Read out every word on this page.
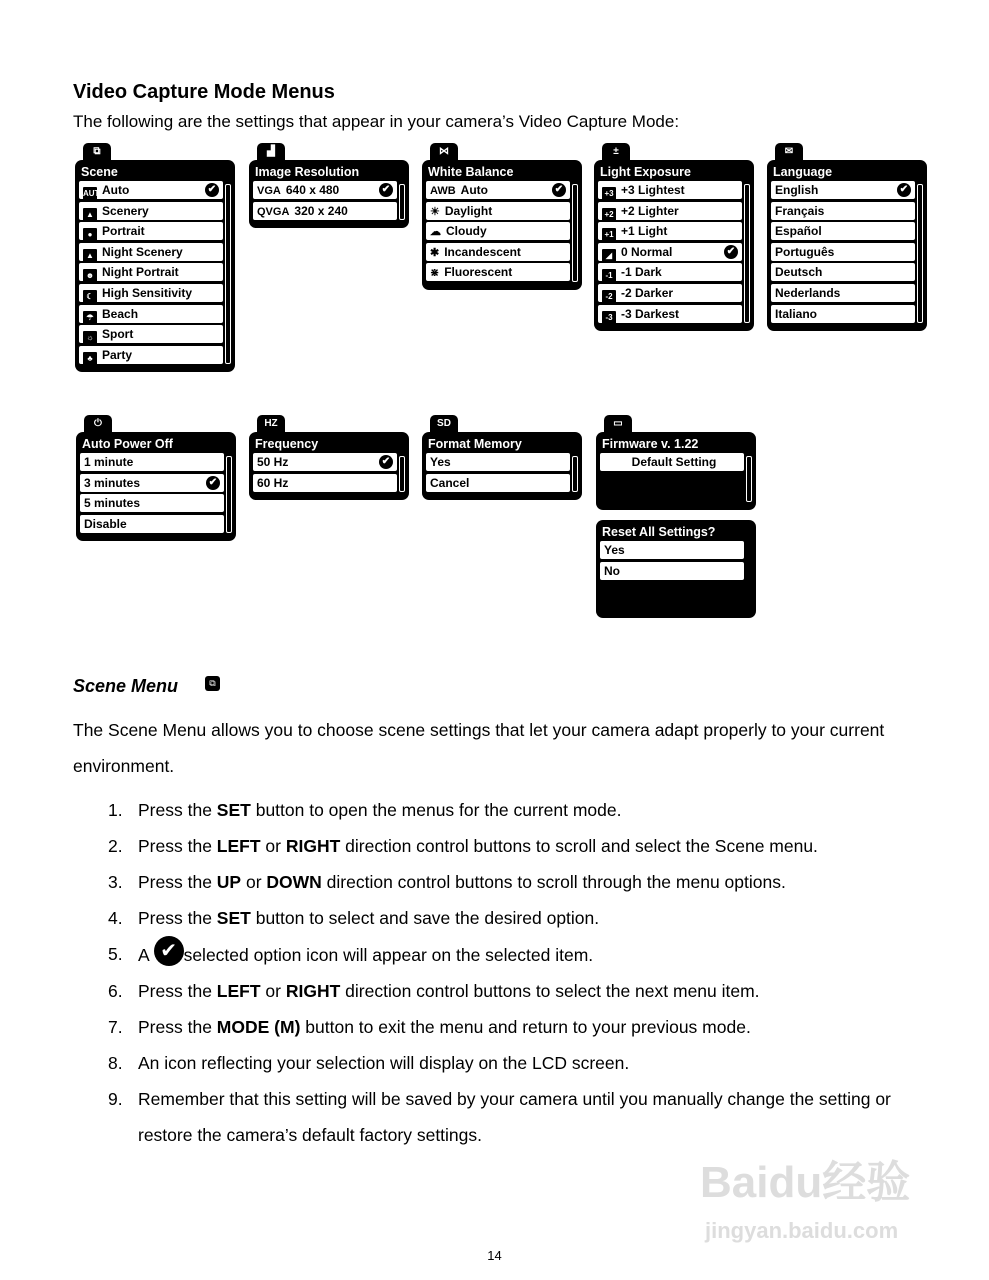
Video Capture Mode Menus
The following are the settings that appear in your camera’s Video Capture Mode:
⧉
Scene
AUTOAuto	✔
▲ Scenery
● Portrait
▲ Night Scenery
☻ Night Portrait
☾ High Sensitivity
☂ Beach
☼ Sport
♣ Party
▟
Image Resolution
VGA 640 x 480	✔
QVGA 320 x 240
⋈
White Balance
AWB Auto	✔
☀ Daylight
☁ Cloudy
✱ Incandescent
⋇ Fluorescent
±
Light Exposure
+3 +3 Lightest
+2 +2 Lighter
+1 +1 Light
◢ 0 Normal	✔
-1 -1 Dark
-2 -2 Darker
-3 -3 Darkest
✉
Language
English	✔
Français
Español
Português
Deutsch
Nederlands
Italiano
⏻
Auto Power Off
1 minute
3 minutes	✔
5 minutes
Disable
HZ
Frequency
50 Hz	✔
60 Hz
SD
Format Memory
Yes
Cancel
▭
Firmware v. 1.22
Default Setting
Reset All Settings?
Yes
No
Scene Menu	⧉
The Scene Menu allows you to choose scene settings that let your camera adapt properly to your current environment.
1. Press the SET button to open the menus for the current mode.
2. Press the LEFT or RIGHT direction control buttons to scroll and select the Scene menu.
3. Press the UP or DOWN direction control buttons to scroll through the menu options.
4. Press the SET button to select and save the desired option.
5. A ✔ selected option icon will appear on the selected item.
6. Press the LEFT or RIGHT direction control buttons to select the next menu item.
7. Press the MODE (M) button to exit the menu and return to your previous mode.
8. An icon reflecting your selection will display on the LCD screen.
9. Remember that this setting will be saved by your camera until you manually change the setting or restore the camera’s default factory settings.
Baidu经验
jingyan.baidu.com
14
